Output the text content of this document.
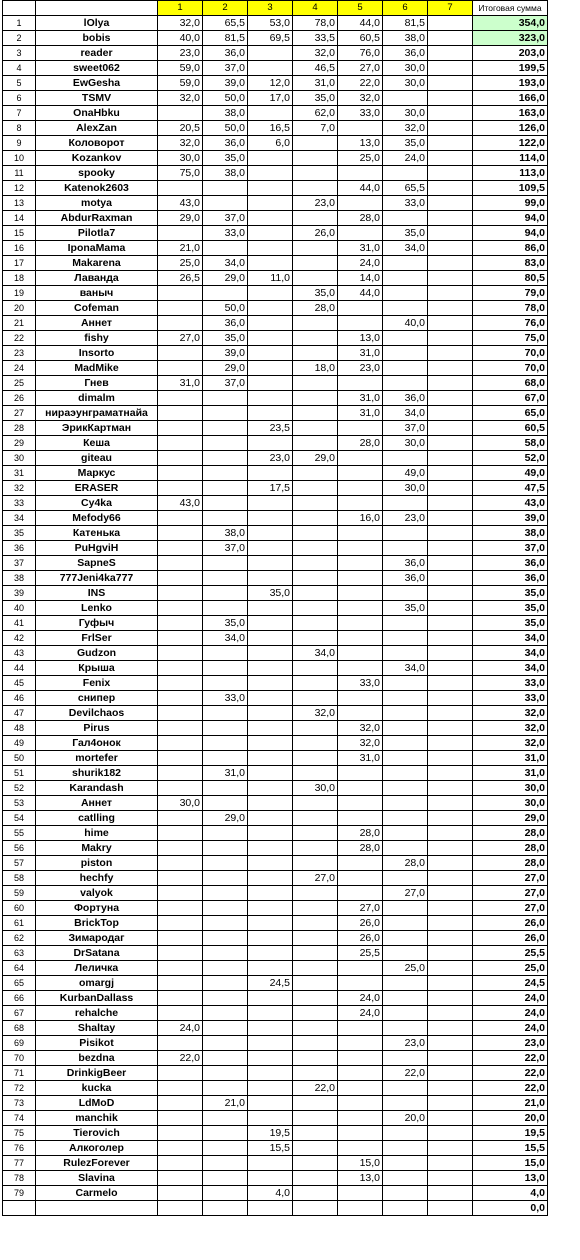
		1	2	3	4	5	6	7	Итоговая сумма
1	lOlya	32,0	65,5	53,0	78,0	44,0	81,5		354,0
2	bobis	40,0	81,5	69,5	33,5	60,5	38,0		323,0
3	reader	23,0	36,0		32,0	76,0	36,0		203,0
4	sweet062	59,0	37,0		46,5	27,0	30,0		199,5
5	EwGesha	59,0	39,0	12,0	31,0	22,0	30,0		193,0
6	TSMV	32,0	50,0	17,0	35,0	32,0			166,0
7	OnaHbku		38,0		62,0	33,0	30,0		163,0
8	AlexZan	20,5	50,0	16,5	7,0		32,0		126,0
9	Коловорот	32,0	36,0	6,0		13,0	35,0		122,0
10	Kozankov	30,0	35,0			25,0	24,0		114,0
11	spooky	75,0	38,0						113,0
12	Katenok2603					44,0	65,5		109,5
13	motya	43,0			23,0		33,0		99,0
14	AbdurRaxman	29,0	37,0			28,0			94,0
15	Pilotla7		33,0		26,0		35,0		94,0
16	IponaMama	21,0				31,0	34,0		86,0
17	Makarena	25,0	34,0			24,0			83,0
18	Лаванда	26,5	29,0	11,0		14,0			80,5
19	ваныч				35,0	44,0			79,0
20	Cofeman		50,0		28,0				78,0
21	Аннет		36,0				40,0		76,0
22	fishy	27,0	35,0			13,0			75,0
23	Insorto		39,0			31,0			70,0
24	MadMike		29,0		18,0	23,0			70,0
25	Гнев	31,0	37,0						68,0
26	dimalm					31,0	36,0		67,0
27	нираэунграматнайа					31,0	34,0		65,0
28	ЭрикКартман			23,5			37,0		60,5
29	Кеша					28,0	30,0		58,0
30	giteau			23,0	29,0				52,0
31	Маркус						49,0		49,0
32	ERASER			17,5			30,0		47,5
33	Cy4ka	43,0							43,0
34	Mefody66					16,0	23,0		39,0
35	Катенька		38,0						38,0
36	PuHgviH		37,0						37,0
37	SapneS						36,0		36,0
38	777Jeni4ka777						36,0		36,0
39	INS			35,0					35,0
40	Lenko						35,0		35,0
41	Гуфыч		35,0						35,0
42	FrlSer		34,0						34,0
43	Gudzon				34,0				34,0
44	Крыша						34,0		34,0
45	Fenix					33,0			33,0
46	снипер		33,0						33,0
47	Devilchaos				32,0				32,0
48	Pirus					32,0			32,0
49	Гал4онок					32,0			32,0
50	mortefer					31,0			31,0
51	shurik182		31,0						31,0
52	Karandash				30,0				30,0
53	Аннет	30,0							30,0
54	catlling		29,0						29,0
55	hime					28,0			28,0
56	Makry					28,0			28,0
57	piston						28,0		28,0
58	hechfy				27,0				27,0
59	valyok						27,0		27,0
60	Фортуна					27,0			27,0
61	BrickTop					26,0			26,0
62	Зимародаг					26,0			26,0
63	DrSatana					25,5			25,5
64	Леличка						25,0		25,0
65	omargj			24,5					24,5
66	KurbanDallass					24,0			24,0
67	rehalche					24,0			24,0
68	Shaltay	24,0							24,0
69	Pisikot						23,0		23,0
70	bezdna	22,0							22,0
71	DrinkigBeer						22,0		22,0
72	kucka				22,0				22,0
73	LdMoD		21,0						21,0
74	manchik						20,0		20,0
75	Tierovich			19,5					19,5
76	Алкоголер			15,5					15,5
77	RulezForever					15,0			15,0
78	Slavina					13,0			13,0
79	Carmelo			4,0					4,0
									0,0
